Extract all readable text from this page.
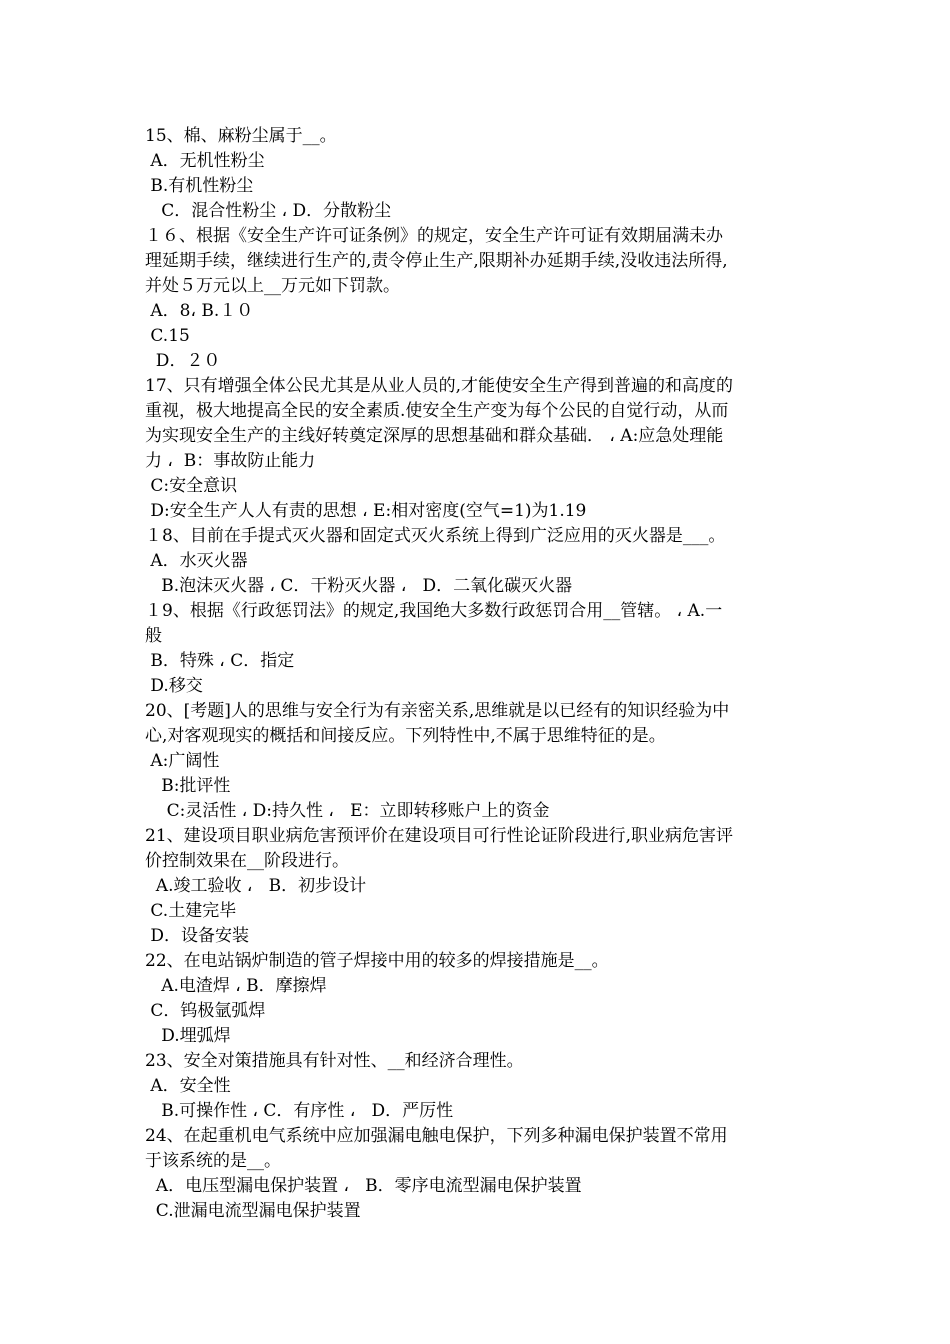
15、棉、麻粉尘属于__。
A．无机性粉尘
B.有机性粉尘
C．混合性粉尘 ، D．分散粉尘
１６、根据《安全生产许可证条例》的规定，安全生产许可证有效期届满未办
理延期手续，继续进行生产的,责令停止生产,限期补办延期手续,没收违法所得,
并处５万元以上__万元如下罚款。
A．8، B.１０
C.15
D．２０
17、只有增强全体公民尤其是从业人员的,才能使安全生产得到普遍的和高度的
重视，极大地提高全民的安全素质.使安全生产变为每个公民的自觉行动，从而
为实现安全生产的主线好转奠定深厚的思想基础和群众基础． ، A:应急处理能
力 ،  B：事故防止能力
C:安全意识
D:安全生产人人有责的思想 ، E:相对密度(空气=1)为1.19
１8、目前在手提式灭火器和固定式灭火系统上得到广泛应用的灭火器是___。
A．水灭火器
B.泡沫灭火器 ، C．干粉灭火器 ،   D．二氧化碳灭火器
１9、根据《行政惩罚法》的规定,我国绝大多数行政惩罚合用__管辖。 ، A.一
般
B．特殊 ، C．指定
D.移交
20、[考题]人的思维与安全行为有亲密关系,思维就是以已经有的知识经验为中
心,对客观现实的概括和间接反应。下列特性中,不属于思维特征的是。
A:广阔性
B:批评性
C:灵活性 ، D:持久性 ،   E：立即转移账户上的资金
21、建设项目职业病危害预评价在建设项目可行性论证阶段进行,职业病危害评
价控制效果在__阶段进行。
A.竣工验收 ،   B．初步设计
C.土建完毕
D．设备安装
22、在电站锅炉制造的管子焊接中用的较多的焊接措施是__。
A.电渣焊 ، B．摩擦焊
C．钨极氩弧焊
D.埋弧焊
23、安全对策措施具有针对性、__和经济合理性。
A．安全性
B.可操作性 ، C．有序性 ،   D．严厉性
24、在起重机电气系统中应加强漏电触电保护，下列多种漏电保护装置不常用
于该系统的是__。
A．电压型漏电保护装置 ،   B．零序电流型漏电保护装置
C.泄漏电流型漏电保护装置
